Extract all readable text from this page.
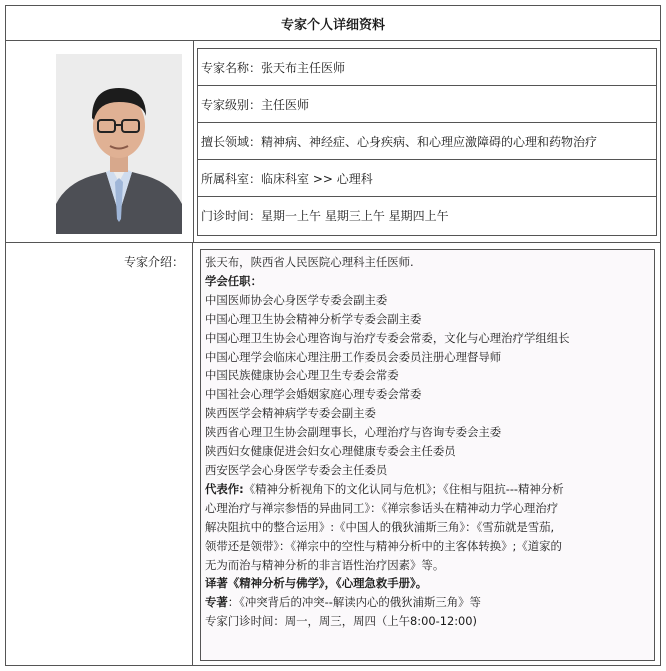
专家个人详细资料
专家名称： 张天布主任医师
专家级别： 主任医师
擅长领域： 精神病、神经症、心身疾病、和心理应激障碍的心理和药物治疗
所属科室： 临床科室 >> 心理科
门诊时间： 星期一上午 星期三上午 星期四上午
专家介绍： 张天布，陕西省人民医院心理科主任医师.

学会任职：

中国医师协会心身医学专委会副主委

中国心理卫生协会精神分析学专委会副主委

中国心理卫生协会心理咨询与治疗专委会常委，文化与心理治疗学组组长

中国心理学会临床心理注册工作委员会委员注册心理督导师

中国民族健康协会心理卫生专委会常委

中国社会心理学会婚姻家庭心理专委会常委

陕西医学会精神病学专委会副主委

陕西省心理卫生协会副理事长，心理治疗与咨询专委会主委

陕西妇女健康促进会妇女心理健康专委会主任委员

西安医学会心身医学专委会主任委员

代表作:《精神分析视角下的文化认同与危机》；《住相与阻抗---精神分析

心理治疗与禅宗参悟的异曲同工》：《禅宗参话头在精神动力学心理治疗

解决阻抗中的整合运用》:《中国人的俄狄浦斯三角》：《雪茄就是雪茄,

领带还是领带》：《禅宗中的空性与精神分析中的主客体转换》;《道家的

无为而治与精神分析的非言语性治疗因素》等。

译著《精神分析与佛学》，《心理急救手册》。

专著：《冲突背后的冲突--解读内心的俄狄浦斯三角》等

专家门诊时间：周一，周三，周四（上午8:00-12:00)
